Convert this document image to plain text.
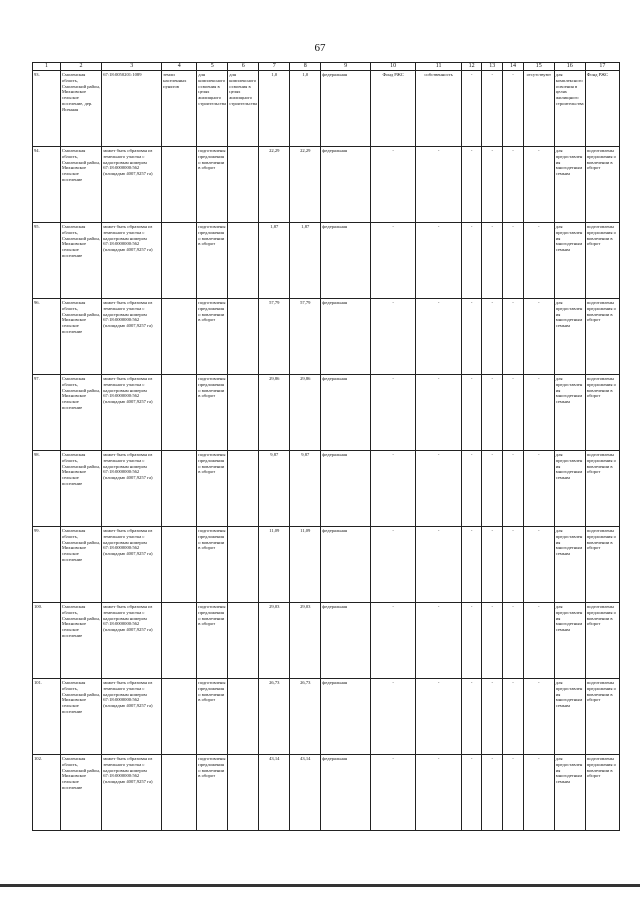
67
1	2	3	4	5	6	7	8	9	10	11	12	13	14	15	16	17
93.	Смоленская область, Смоленский район, Михновское сельское поселение, дер. Ясенная	67:18:0050201:1089	земли населенных пунктов	для комплексного освоения в целях жилищного строительства	для комплексного освоения в целях жилищного строительства	1,0	1,0	федеральная	Фонд РЖС	собственность	-	-	-	отсутствуют	для комплексного освоения в целях жилищного строительства	Фонд РЖС
94.	Смоленская область, Смоленский район, Михновское сельское поселение	может быть образован из земельного участка с кадастровым номером 67:18:0000000:562 (площадью 4007,9257 га)		подготовлены предложения о вовлечении в оборот		22,29	22,29	федеральная	-	-	-	-	-	-	для предоставления многодетным семьям	подготовлены предложения о вовлечении в оборот
95.	Смоленская область, Смоленский район, Михновское сельское поселение	может быть образован из земельного участка с кадастровым номером 67:18:0000000:562 (площадью 4007,9257 га)		подготовлены предложения о вовлечении в оборот		1,87	1,87	федеральная	-	-	-	-	-	-	для предоставления многодетным семьям	подготовлены предложения о вовлечении в оборот
96.	Смоленская область, Смоленский район, Михновское сельское поселение	может быть образован из земельного участка с кадастровым номером 67:18:0000000:562 (площадью 4007,9257 га)		подготовлены предложения о вовлечении в оборот		57,79	57,79	федеральная	-	-	-	-	-	-	для предоставления многодетным семьям	подготовлены предложения о вовлечении в оборот
97.	Смоленская область, Смоленский район, Михновское сельское поселение	может быть образован из земельного участка с кадастровым номером 67:18:0000000:562 (площадью 4007,9257 га)		подготовлены предложения о вовлечении в оборот		29,86	29,86	федеральная	-	-	-	-	-	-	для предоставления многодетным семьям	подготовлены предложения о вовлечении в оборот
98.	Смоленская область, Смоленский район, Михновское сельское поселение	может быть образован из земельного участка с кадастровым номером 67:18:0000000:562 (площадью 4007,9257 га)		подготовлены предложения о вовлечении в оборот		9,87	9,87	федеральная	-	-	-	-	-	-	для предоставления многодетным семьям	подготовлены предложения о вовлечении в оборот
99.	Смоленская область, Смоленский район, Михновское сельское поселение	может быть образован из земельного участка с кадастровым номером 67:18:0000000:562 (площадью 4007,9257 га)		подготовлены предложения о вовлечении в оборот		11,09	11,09	федеральная	-	-	-	-	-	-	для предоставления многодетным семьям	подготовлены предложения о вовлечении в оборот
100.	Смоленская область, Смоленский район, Михновское сельское поселение	может быть образован из земельного участка с кадастровым номером 67:18:0000000:562 (площадью 4007,9257 га)		подготовлены предложения о вовлечении в оборот		29,03	29,03	федеральная	-	-	-	-	-	-	для предоставления многодетным семьям	подготовлены предложения о вовлечении в оборот
101.	Смоленская область, Смоленский район, Михновское сельское поселение	может быть образован из земельного участка с кадастровым номером 67:18:0000000:562 (площадью 4007,9257 га)		подготовлены предложения о вовлечении в оборот		26,73	26,73	федеральная	-	-	-	-	-	-	для предоставления многодетным семьям	подготовлены предложения о вовлечении в оборот
102.	Смоленская область, Смоленский район, Михновское сельское поселение	может быть образован из земельного участка с кадастровым номером 67:18:0000000:562 (площадью 4007,9257 га)		подготовлены предложения о вовлечении в оборот		43,14	43,14	федеральная	-	-	-	-	-	-	для предоставления многодетным семьям	подготовлены предложения о вовлечении в оборот
